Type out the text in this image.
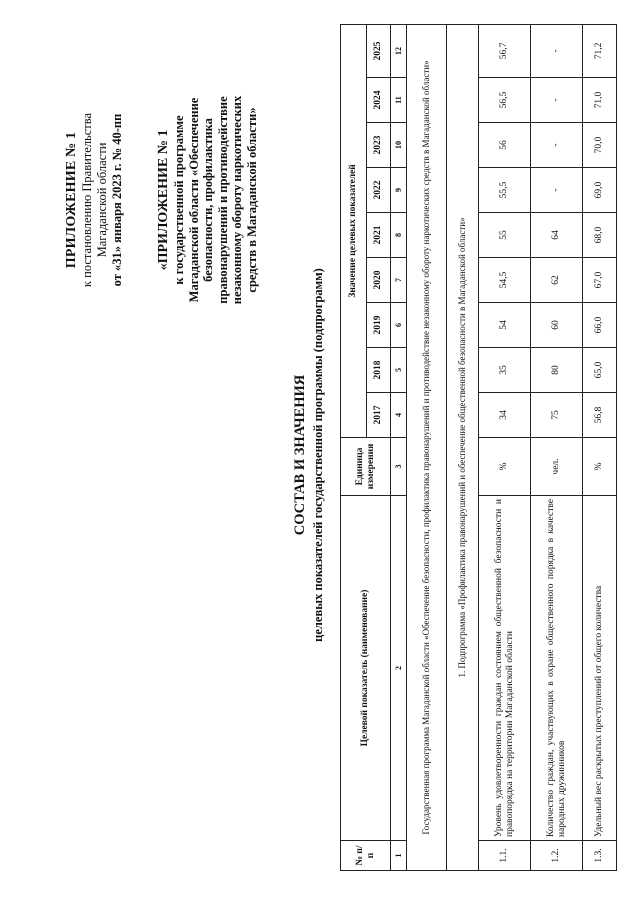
ПРИЛОЖЕНИЕ № 1 к постановлению Правительства Магаданской области от «31» января 2023 г. № 40-пп «ПРИЛОЖЕНИЕ № 1 к государственной программе Магаданской области «Обеспечение безопасности, профилактика правонарушений и противодействие незаконному обороту наркотических средств в Магаданской области»
СОСТАВ И ЗНАЧЕНИЯ целевых показателей государственной программы (подпрограмм)
№ п/п	Целевой показатель (наименование)	Единица измерения	Значение целевых показателей								
			2017	2018	2019	2020	2021	2022	2023	2024	2025
1	2	3	4	5	6	7	8	9	10	11	12
Государственная программа Магаданской области «Обеспечение безопасности, профилактика правонарушений и противодействие незаконному обороту наркотических средств в Магаданской области»											
1. Подпрограмма «Профилактика правонарушений и обеспечение общественной безопасности в Магаданской области»											
1.1.	Уровень удовлетворенности граждан состоянием общественной безопасности и правопорядка на территории Магаданской области	%	34	35	54	54,5	55	55,5	56	56,5	56,7
1.2.	Количество граждан, участвующих в охране общественного порядка в качестве народных дружинников	чел.	75	80	60	62	64	-	-	-	-
1.3.	Удельный вес раскрытых преступлений от общего количества	%	56,8	65,0	66,0	67,0	68,0	69,0	70,0	71,0	71,2
